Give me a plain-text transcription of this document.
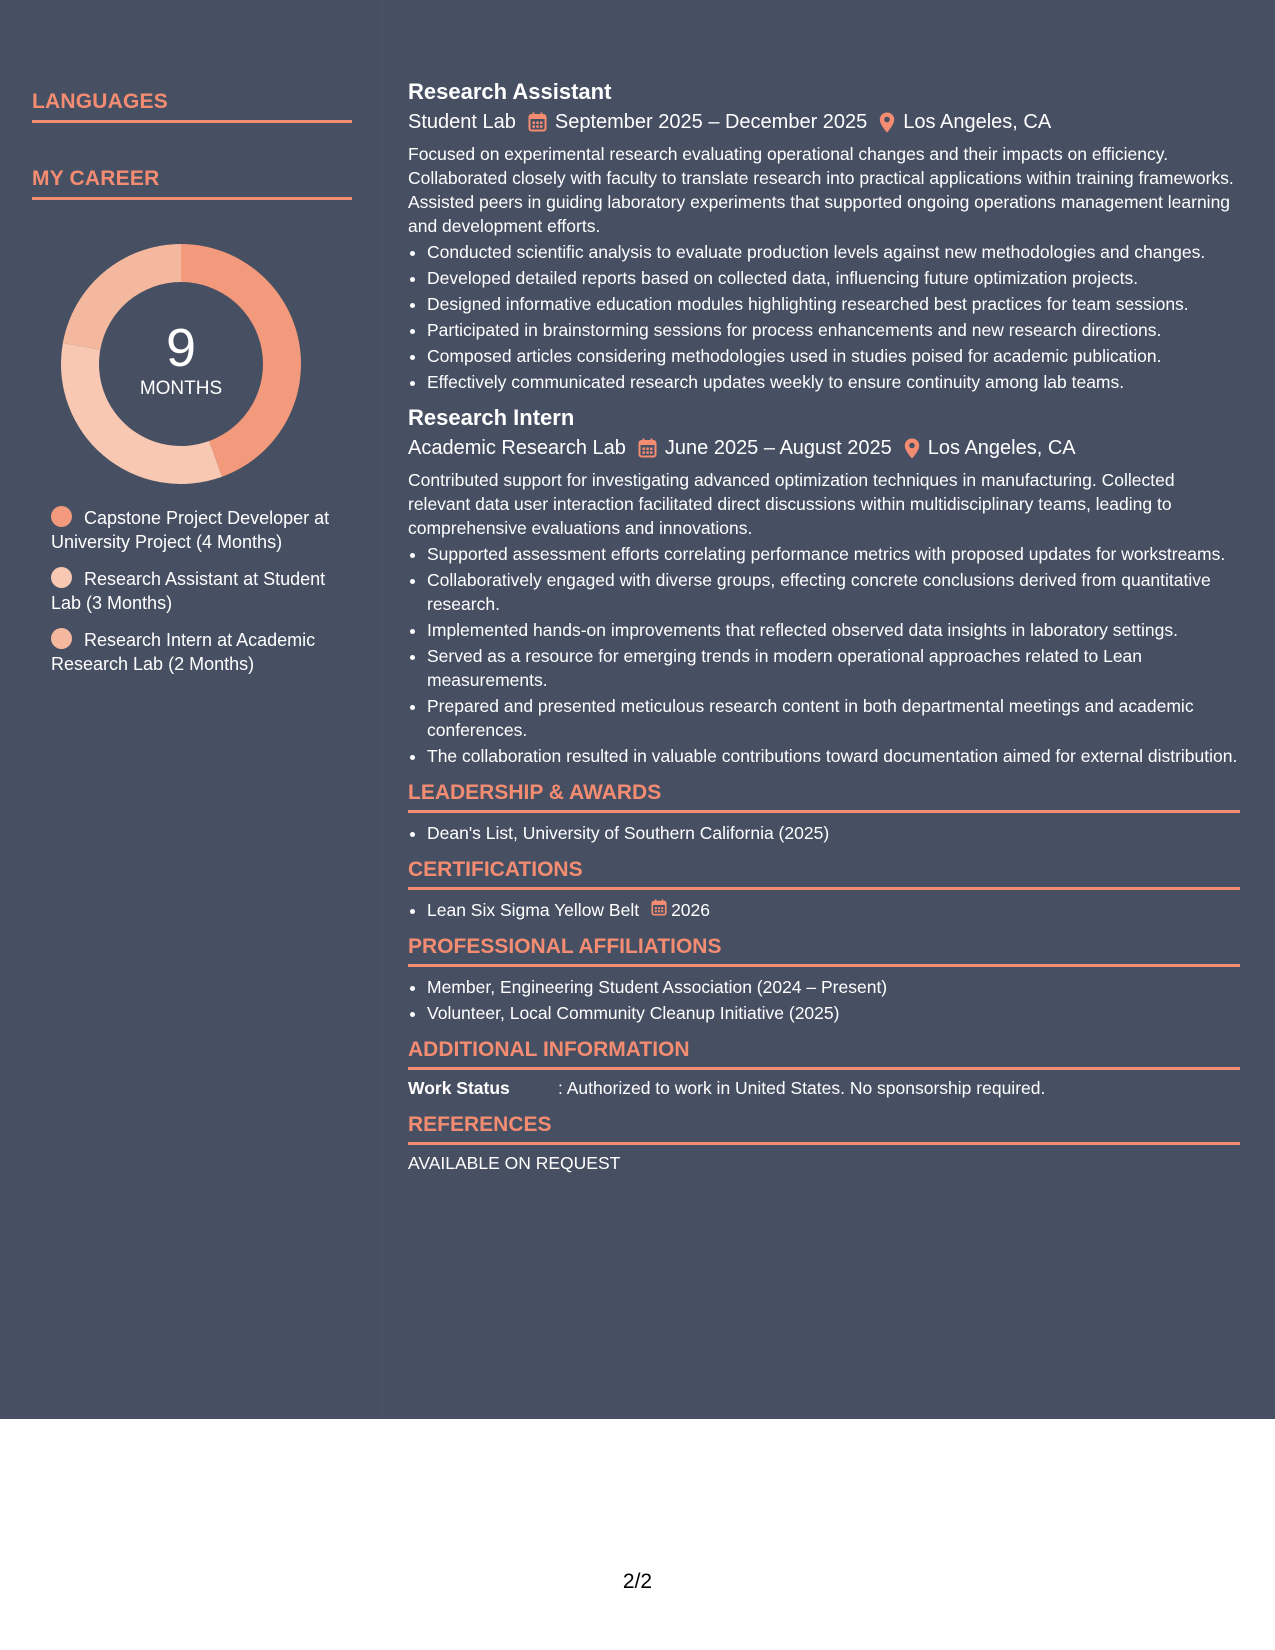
LANGUAGES
MY CAREER
9
MONTHS
Capstone Project Developer at University Project (4 Months)
Research Assistant at Student Lab (3 Months)
Research Intern at Academic Research Lab (2 Months)
Research Assistant
Student Lab September 2025 – December 2025 Los Angeles, CA
Focused on experimental research evaluating operational changes and their impacts on efficiency. Collaborated closely with faculty to translate research into practical applications within training frameworks. Assisted peers in guiding laboratory experiments that supported ongoing operations management learning and development efforts.
• Conducted scientific analysis to evaluate production levels against new methodologies and changes.
• Developed detailed reports based on collected data, influencing future optimization projects.
• Designed informative education modules highlighting researched best practices for team sessions.
• Participated in brainstorming sessions for process enhancements and new research directions.
• Composed articles considering methodologies used in studies poised for academic publication.
• Effectively communicated research updates weekly to ensure continuity among lab teams.
Research Intern
Academic Research Lab June 2025 – August 2025 Los Angeles, CA
Contributed support for investigating advanced optimization techniques in manufacturing. Collected relevant data user interaction facilitated direct discussions within multidisciplinary teams, leading to comprehensive evaluations and innovations.
• Supported assessment efforts correlating performance metrics with proposed updates for workstreams.
• Collaboratively engaged with diverse groups, effecting concrete conclusions derived from quantitative research.
• Implemented hands-on improvements that reflected observed data insights in laboratory settings.
• Served as a resource for emerging trends in modern operational approaches related to Lean measurements.
• Prepared and presented meticulous research content in both departmental meetings and academic conferences.
• The collaboration resulted in valuable contributions toward documentation aimed for external distribution.
LEADERSHIP & AWARDS
• Dean's List, University of Southern California (2025)
CERTIFICATIONS
• Lean Six Sigma Yellow Belt 2026
PROFESSIONAL AFFILIATIONS
• Member, Engineering Student Association (2024 – Present)
• Volunteer, Local Community Cleanup Initiative (2025)
ADDITIONAL INFORMATION
Work Status	: Authorized to work in United States. No sponsorship required.
REFERENCES
AVAILABLE ON REQUEST
2/2
